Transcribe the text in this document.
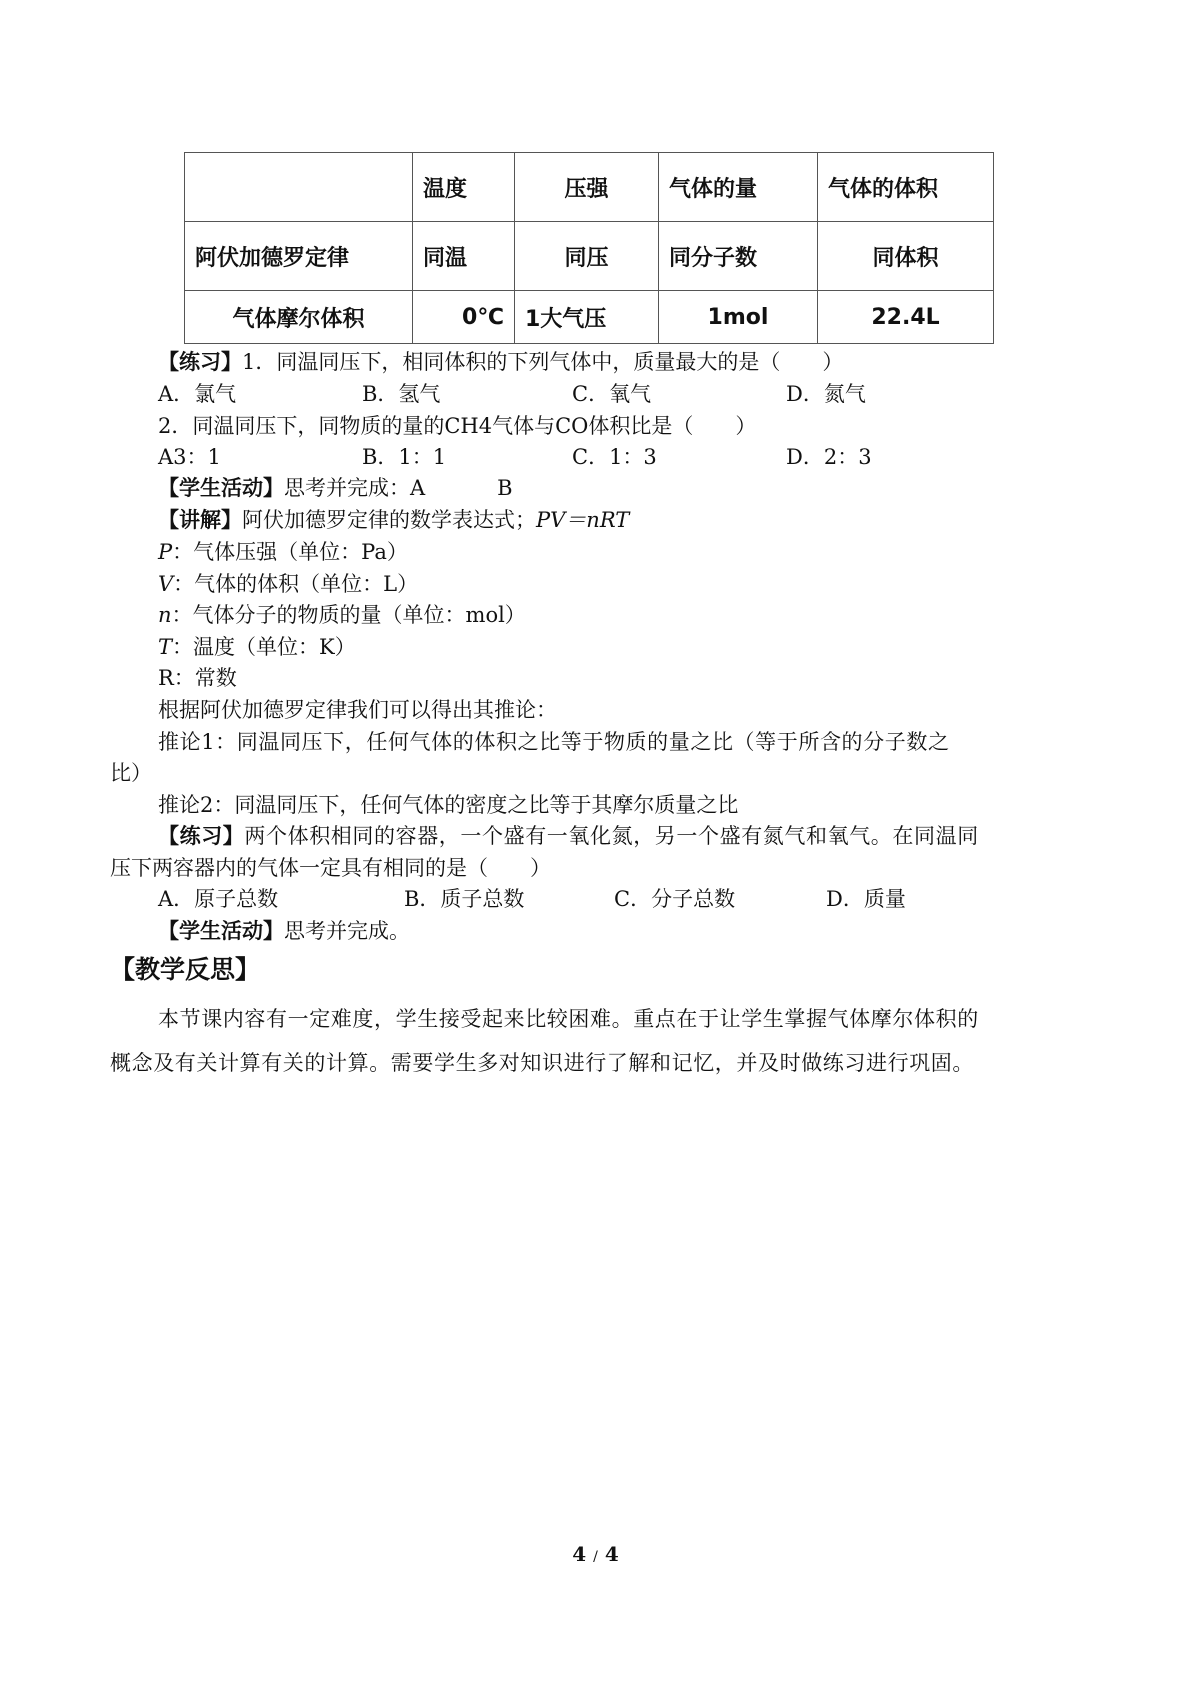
	温度	压强	气体的量	气体的体积
阿伏加德罗定律	同温	同压	同分子数	同体积
气体摩尔体积	0℃	1大气压	1mol	22.4L
【练习】1．同温同压下，相同体积的下列气体中，质量最大的是（　　）
A．氯气	B．氢气	C．氧气	D．氮气
2．同温同压下，同物质的量的CH4气体与CO体积比是（　　）
A3：1	B．1：1	C．1：3	D．2：3
【学生活动】思考并完成：A	B
【讲解】阿伏加德罗定律的数学表达式；PV＝nRT
P：气体压强（单位：Pa）
V：气体的体积（单位：L）
n：气体分子的物质的量（单位：mol）
T：温度（单位：K）
R：常数
根据阿伏加德罗定律我们可以得出其推论：
推论1：同温同压下，任何气体的体积之比等于物质的量之比（等于所含的分子数之
比）
推论2：同温同压下，任何气体的密度之比等于其摩尔质量之比
【练习】两个体积相同的容器，一个盛有一氧化氮，另一个盛有氮气和氧气。在同温同
压下两容器内的气体一定具有相同的是（　　）
A．原子总数	B．质子总数	C．分子总数	D．质量
【学生活动】思考并完成。
【教学反思】
本节课内容有一定难度，学生接受起来比较困难。重点在于让学生掌握气体摩尔体积的
概念及有关计算有关的计算。需要学生多对知识进行了解和记忆，并及时做练习进行巩固。
4 / 4
